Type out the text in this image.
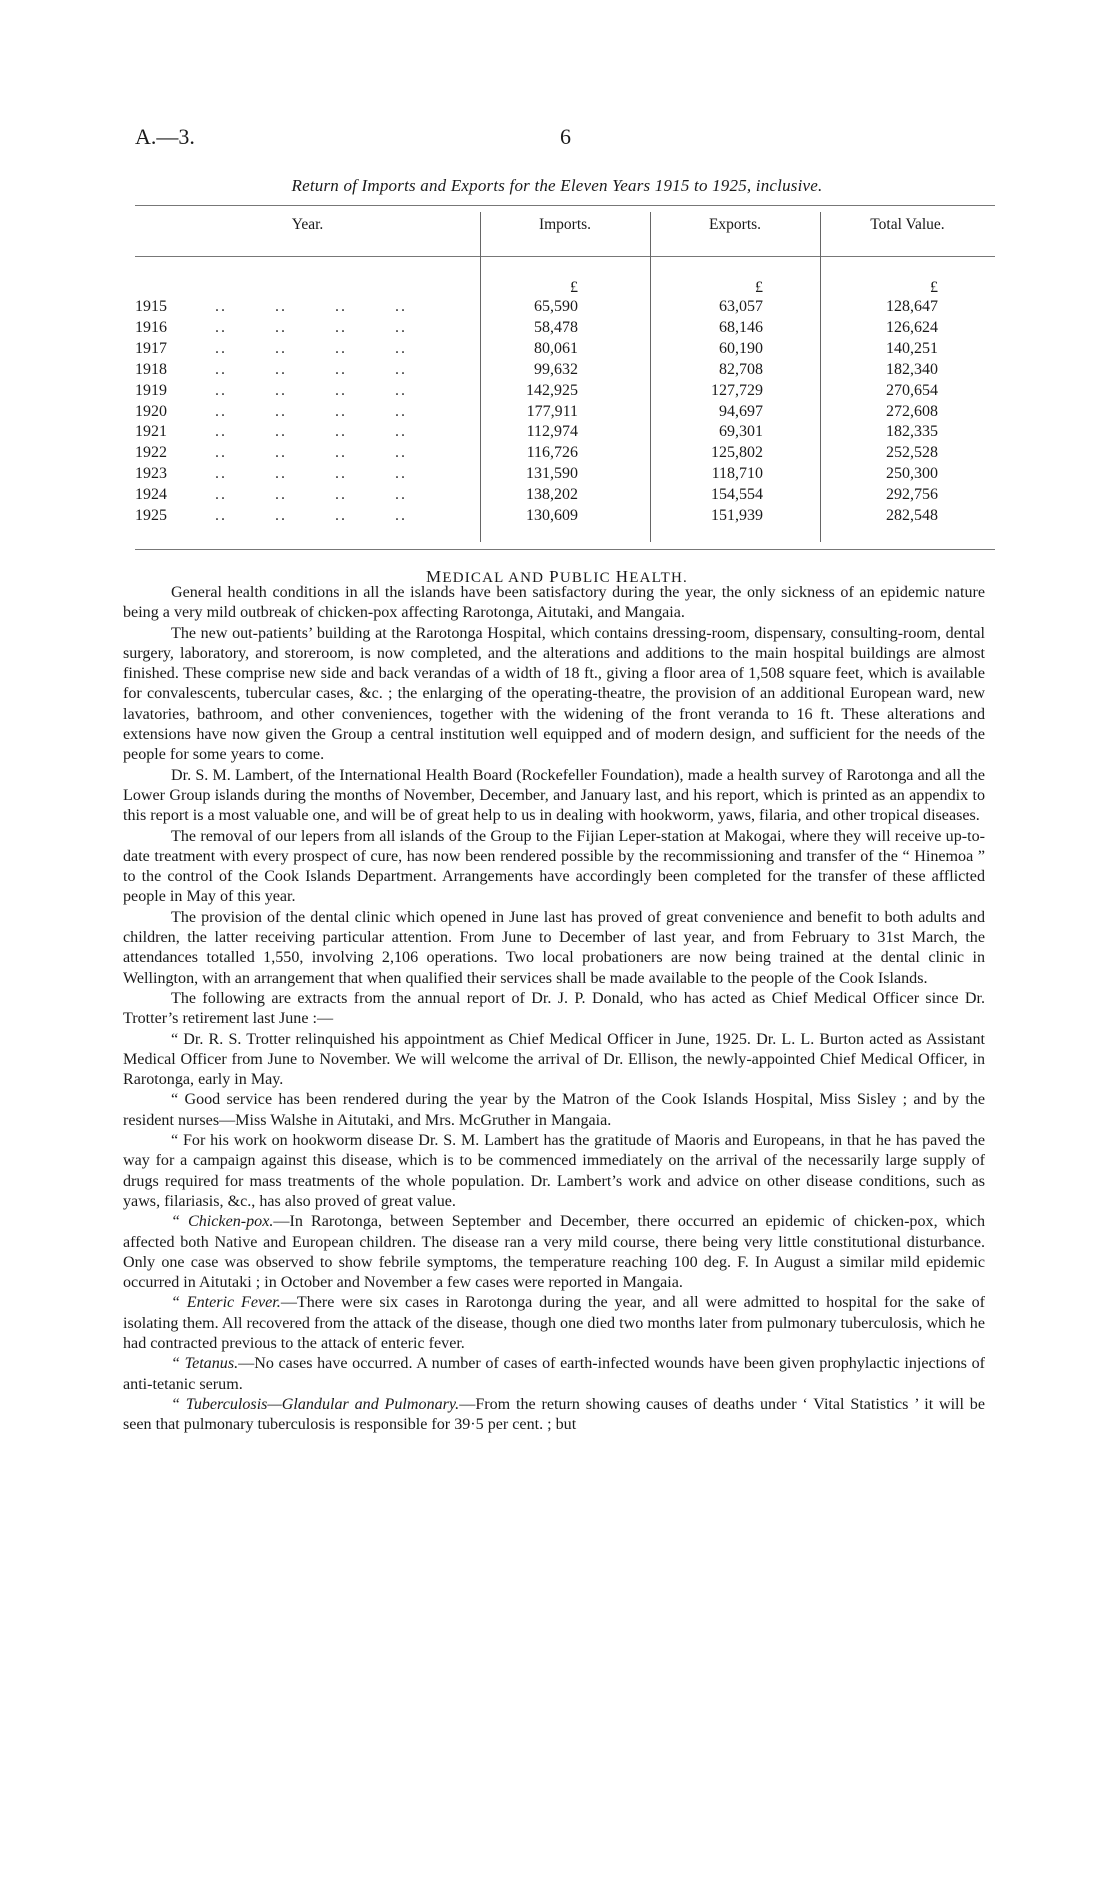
A.—3.	6
Return of Imports and Exports for the Eleven Years 1915 to 1925, inclusive.
Year.	Imports.	Exports.	Total Value.
£	£	£
1915	65,590	63,057	128,647
..        ..        ..        ..
1916	58,478	68,146	126,624
..        ..        ..        ..
1917	80,061	60,190	140,251
..        ..        ..        ..
1918	99,632	82,708	182,340
..        ..        ..        ..
1919	142,925	127,729	270,654
..        ..        ..        ..
1920	177,911	94,697	272,608
..        ..        ..        ..
1921	112,974	69,301	182,335
..        ..        ..        ..
1922	116,726	125,802	252,528
..        ..        ..        ..
1923	131,590	118,710	250,300
..        ..        ..        ..
1924	138,202	154,554	292,756
..        ..        ..        ..
1925	130,609	151,939	282,548
..        ..        ..        ..
MEDICAL AND PUBLIC HEALTH.

General health conditions in all the islands have been satisfactory during the year, the only sickness of an epidemic nature being a very mild outbreak of chicken-pox affecting Rarotonga, Aitutaki, and Mangaia.

The new out-patients’ building at the Rarotonga Hospital, which contains dressing-room, dispensary, consulting-room, dental surgery, laboratory, and storeroom, is now completed, and the alterations and additions to the main hospital buildings are almost finished. These comprise new side and back verandas of a width of 18 ft., giving a floor area of 1,508 square feet, which is available for convalescents, tubercular cases, &c. ; the enlarging of the operating-theatre, the provision of an additional European ward, new lavatories, bathroom, and other conveniences, together with the widening of the front veranda to 16 ft. These alterations and extensions have now given the Group a central institution well equipped and of modern design, and sufficient for the needs of the people for some years to come.

Dr. S. M. Lambert, of the International Health Board (Rockefeller Foundation), made a health survey of Rarotonga and all the Lower Group islands during the months of November, December, and January last, and his report, which is printed as an appendix to this report is a most valuable one, and will be of great help to us in dealing with hookworm, yaws, filaria, and other tropical diseases.

The removal of our lepers from all islands of the Group to the Fijian Leper-station at Makogai, where they will receive up-to-date treatment with every prospect of cure, has now been rendered possible by the recommissioning and transfer of the “ Hinemoa ” to the control of the Cook Islands Department. Arrangements have accordingly been completed for the transfer of these afflicted people in May of this year.

The provision of the dental clinic which opened in June last has proved of great convenience and benefit to both adults and children, the latter receiving particular attention. From June to December of last year, and from February to 31st March, the attendances totalled 1,550, involving 2,106 operations. Two local probationers are now being trained at the dental clinic in Wellington, with an arrangement that when qualified their services shall be made available to the people of the Cook Islands.

The following are extracts from the annual report of Dr. J. P. Donald, who has acted as Chief Medical Officer since Dr. Trotter’s retirement last June :—

“ Dr. R. S. Trotter relinquished his appointment as Chief Medical Officer in June, 1925. Dr. L. L. Burton acted as Assistant Medical Officer from June to November. We will welcome the arrival of Dr. Ellison, the newly-appointed Chief Medical Officer, in Rarotonga, early in May.

“ Good service has been rendered during the year by the Matron of the Cook Islands Hospital, Miss Sisley ; and by the resident nurses—Miss Walshe in Aitutaki, and Mrs. McGruther in Mangaia.

“ For his work on hookworm disease Dr. S. M. Lambert has the gratitude of Maoris and Europeans, in that he has paved the way for a campaign against this disease, which is to be commenced immediately on the arrival of the necessarily large supply of drugs required for mass treatments of the whole population. Dr. Lambert’s work and advice on other disease conditions, such as yaws, filariasis, &c., has also proved of great value.

“ Chicken-pox.—In Rarotonga, between September and December, there occurred an epidemic of chicken-pox, which affected both Native and European children. The disease ran a very mild course, there being very little constitutional disturbance. Only one case was observed to show febrile symptoms, the temperature reaching 100 deg. F. In August a similar mild epidemic occurred in Aitutaki ; in October and November a few cases were reported in Mangaia.

“ Enteric Fever.—There were six cases in Rarotonga during the year, and all were admitted to hospital for the sake of isolating them. All recovered from the attack of the disease, though one died two months later from pulmonary tuberculosis, which he had contracted previous to the attack of enteric fever.

“ Tetanus.—No cases have occurred. A number of cases of earth-infected wounds have been given prophylactic injections of anti-tetanic serum.

“ Tuberculosis—Glandular and Pulmonary.—From the return showing causes of deaths under ‘ Vital Statistics ’ it will be seen that pulmonary tuberculosis is responsible for 39·5 per cent. ; but
